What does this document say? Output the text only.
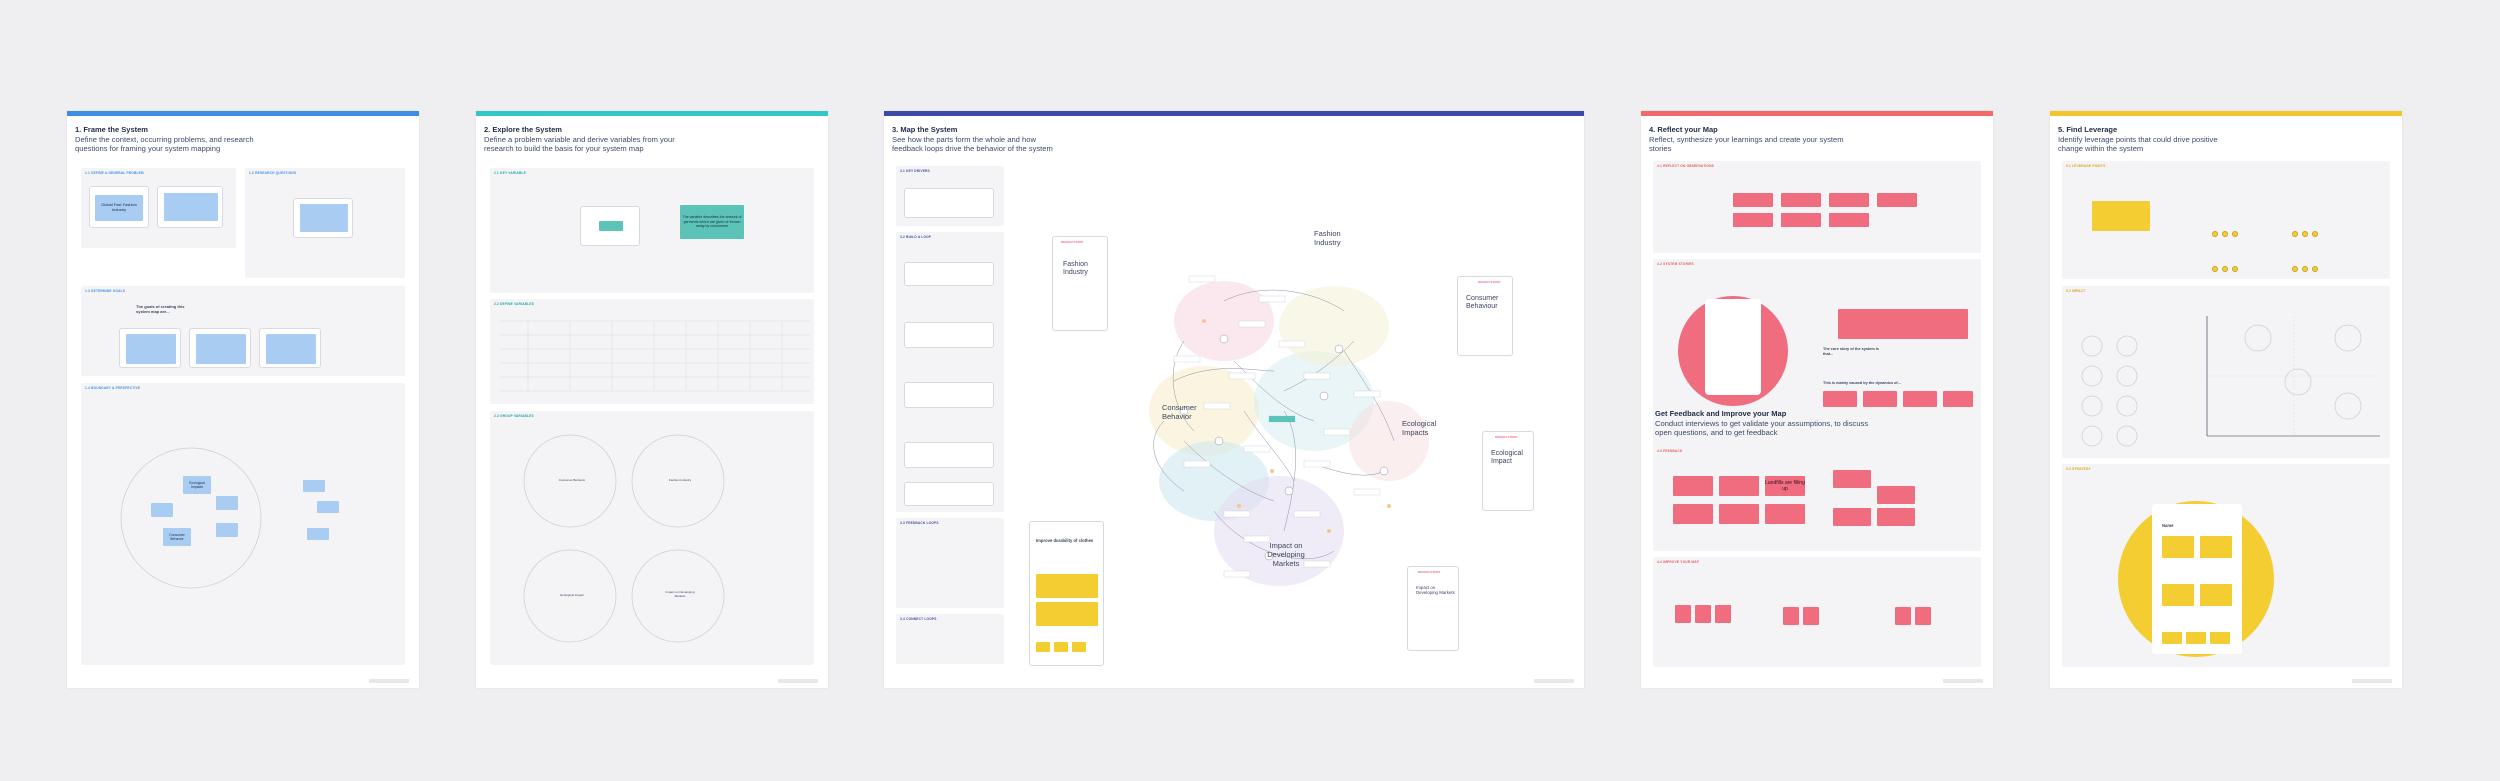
1. Frame the System
Define the context, occurring problems, and research questions for framing your system mapping
1.1 DEFINE A GENERAL PROBLEM
Global Fast Fashion Industry
1.2 RESEARCH QUESTIONS
1.3 DETERMINE GOALS
The goals of creating this system map are...
1.4 BOUNDARY & PERSPECTIVE
Ecological Impacts
Consumer Behavior
2. Explore the System
Define a problem variable and derive variables from your research to build the basis for your system map
2.1 KEY VARIABLE
The variable describes the amount of garments which are given or thrown away by consumers
2.2 DEFINE VARIABLES
2.3 GROUP VARIABLES
Consumer Behavior	Fashion Industry
Ecological Impact
Impact on Developing Markets
3. Map the System
See how the parts form the whole and how feedback loops drive the behavior of the system
3.1 KEY DRIVERS
3.2 BUILD A LOOP
3.3 FEEDBACK LOOPS
3.4 CONNECT LOOPS
DESIGN STORY
Fashion Industry
DESIGN STORY
Consumer Behaviour
DESIGN STORY
Ecological Impact
DESIGN STORY
Impact on Developing Markets
Improve durability of clothes
Fashion Industry
Consumer Behavior
Ecological Impacts
Impact on Developing Markets
4. Reflect your Map
Reflect, synthesize your learnings and create your system stories
4.1 REFLECT ON OBSERVATIONS
4.2 SYSTEM STORIES
The core story of the system is that...
This is mainly caused by the dynamics of...
Get Feedback and Improve your Map
Conduct interviews to get validate your assumptions, to discuss open questions, and to get feedback
4.3 FEEDBACK
Landfills are filling up
4.4 IMPROVE YOUR MAP
5. Find Leverage
Identify leverage points that could drive positive change within the system
5.1 LEVERAGE POINTS
5.2 IMPACT
5.3 STRATEGY
Name
